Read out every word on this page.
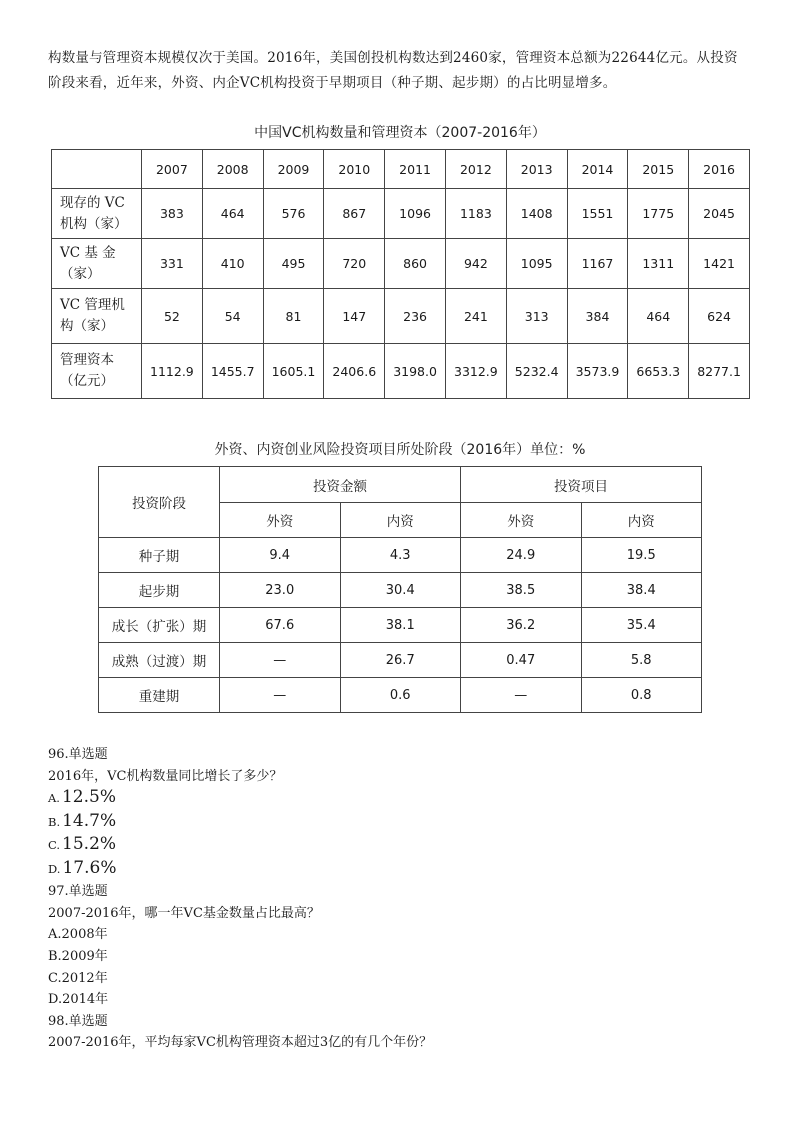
构数量与管理资本规模仅次于美国。2016年，美国创投机构数达到2460家，管理资本总额为22644亿元。从投资
阶段来看，近年来，外资、内企VC机构投资于早期项目（种子期、起步期）的占比明显增多。
中国VC机构数量和管理资本（2007-2016年）
	2007	2008	2009	2010	2011	2012	2013	2014	2015	2016

现存的 VC
机构（家）	383	464	576	867	1096	1183	1408	1551	1775	2045

VC 基 金
（家）	331	410	495	720	860	942	1095	1167	1311	1421

VC 管理机
构（家）	52	54	81	147	236	241	313	384	464	624

管理资本
（亿元）	1112.9	1455.7	1605.1	2406.6	3198.0	3312.9	5232.4	3573.9	6653.3	8277.1
外资、内资创业风险投资项目所处阶段（2016年）单位：%
投资阶段	投资金额		投资项目	
	外资	内资	外资	内资
种子期	9.4	4.3	24.9	19.5
起步期	23.0	30.4	38.5	38.4
成长（扩张）期	67.6	38.1	36.2	35.4
成熟（过渡）期	—	26.7	0.47	5.8
重建期	—	0.6	—	0.8
96.单选题
2016年，VC机构数量同比增长了多少？
A. 12.5%
B. 14.7%
C. 15.2%
D. 17.6%
97.单选题
2007-2016年，哪一年VC基金数量占比最高？
A.2008年
B.2009年
C.2012年
D.2014年
98.单选题
2007-2016年，平均每家VC机构管理资本超过3亿的有几个年份？
